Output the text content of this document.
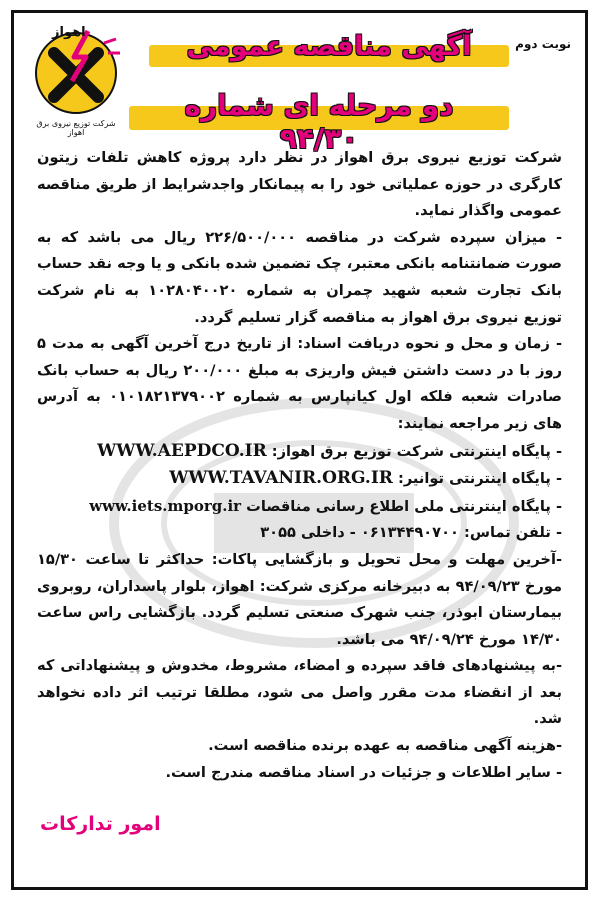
اهواز
شرکت توزیع نیروی برق اهواز
نوبت دوم
آگهی مناقصه عمومی
دو مرحله ای شماره ۹۴/۳۰

شرکت توزیع نیروی برق اهواز در نظر دارد پروژه کاهش تلفات زیتون کارگری در حوزه عملیاتی خود را به پیمانکار واجدشرایط از طریق مناقصه عمومی واگذار نماید.

- میزان سپرده شرکت در مناقصه ۲۲۶/۵۰۰/۰۰۰ ریال می باشد که به صورت ضمانتنامه بانکی معتبر، چک تضمین شده بانکی و یا وجه نقد حساب بانک تجارت شعبه شهید چمران به شماره ۱۰۲۸۰۴۰۰۲۰ به نام شرکت توزیع نیروی برق اهواز به مناقصه گزار تسلیم گردد.

- زمان و محل و نحوه دریافت اسناد: از تاریخ درج آخرین آگهی به مدت ۵ روز با در دست داشتن فیش واریزی به مبلغ ۲۰۰/۰۰۰ ریال به حساب بانک صادرات شعبه فلکه اول کیانپارس به شماره ۰۱۰۱۸۲۱۳۷۹۰۰۲ به آدرس های زیر مراجعه نمایند:

- پایگاه اینترنتی شرکت توزیع برق اهواز: WWW.AEPDCO.IR

- پایگاه اینترنتی توانیر: WWW.TAVANIR.ORG.IR

- پایگاه اینترنتی ملی اطلاع رسانی مناقصات www.iets.mporg.ir

- تلفن تماس: ۰۶۱۳۴۴۹۰۷۰۰ - داخلی ۳۰۵۵

-آخرین مهلت و محل تحویل و بازگشایی پاکات: حداکثر تا ساعت ۱۵/۳۰ مورخ ۹۴/۰۹/۲۳ به دبیرخانه مرکزی شرکت: اهواز، بلوار پاسداران، روبروی بیمارستان ابوذر، جنب شهرک صنعتی تسلیم گردد. بازگشایی راس ساعت ۱۴/۳۰ مورخ ۹۴/۰۹/۲۴ می باشد.

-به پیشنهادهای فاقد سپرده و امضاء، مشروط، مخدوش و پیشنهاداتی که بعد از انقضاء مدت مقرر واصل می شود، مطلقا ترتیب اثر داده نخواهد شد.

-هزینه آگهی مناقصه به عهده برنده مناقصه است.

- سایر اطلاعات و جزئیات در اسناد مناقصه مندرج است.

امور تدارکات
